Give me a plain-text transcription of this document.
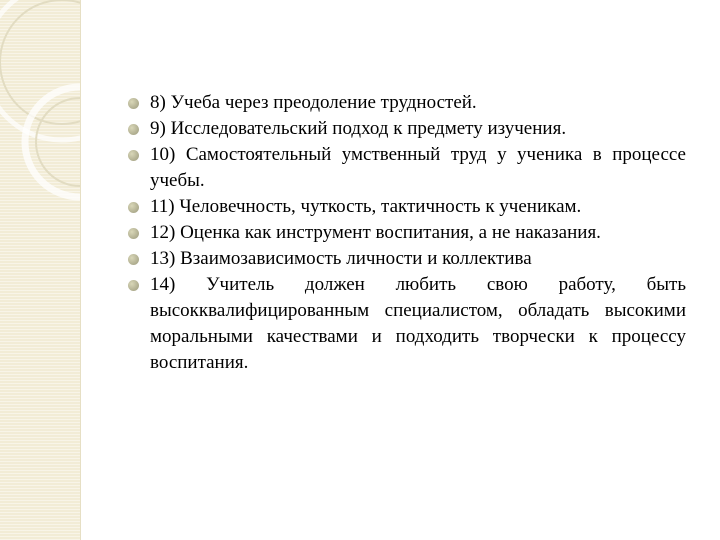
8) Учеба через преодоление трудностей.
9) Исследовательский подход к предмету изучения.
10) Самостоятельный умственный труд у ученика в процессе учебы.
11) Человечность, чуткость, тактичность к ученикам.
12) Оценка как инструмент воспитания, а не наказания.
13) Взаимозависимость личности и коллектива
14) Учитель должен любить свою работу, быть высокквалифицированным специалистом, обладать высокими моральными качествами и подходить творчески к процессу воспитания.
